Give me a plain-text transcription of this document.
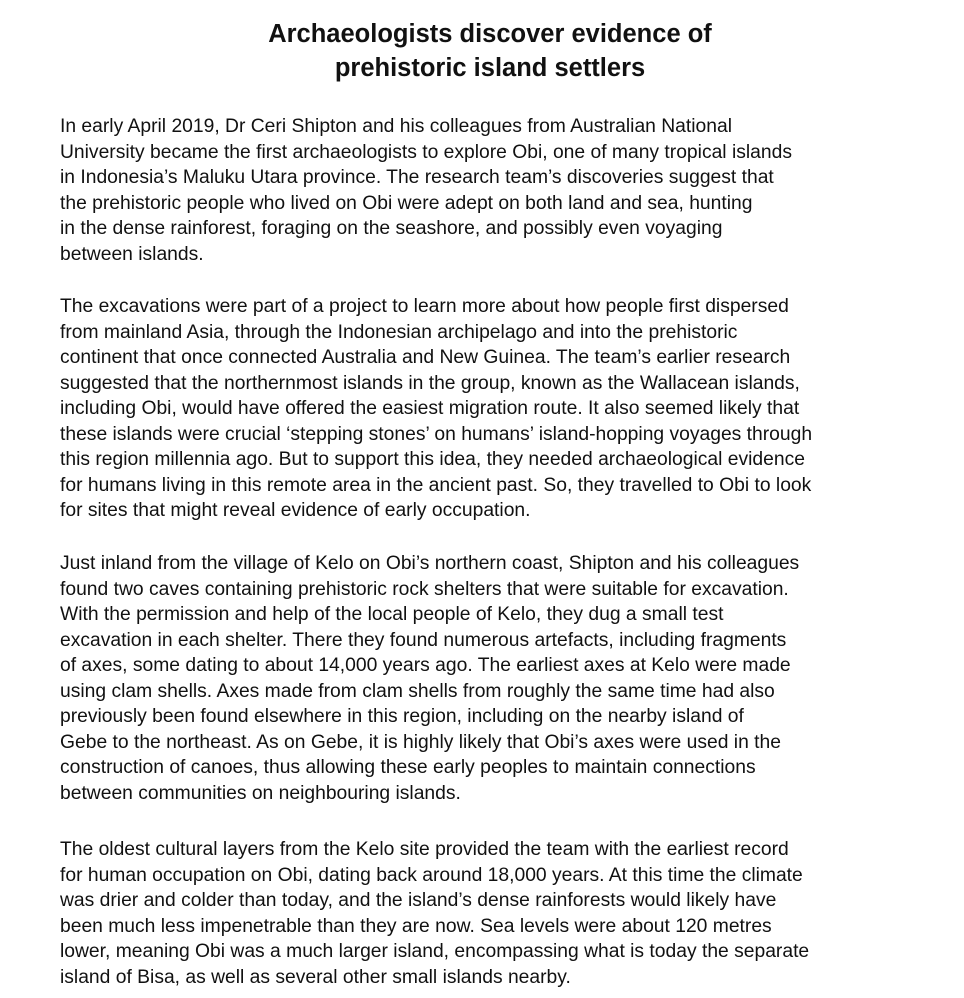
Archaeologists discover evidence of
prehistoric island settlers

In early April 2019, Dr Ceri Shipton and his colleagues from Australian National
University became the first archaeologists to explore Obi, one of many tropical islands
in Indonesia’s Maluku Utara province. The research team’s discoveries suggest that
the prehistoric people who lived on Obi were adept on both land and sea, hunting
in the dense rainforest, foraging on the seashore, and possibly even voyaging
between islands.

The excavations were part of a project to learn more about how people first dispersed
from mainland Asia, through the Indonesian archipelago and into the prehistoric
continent that once connected Australia and New Guinea. The team’s earlier research
suggested that the northernmost islands in the group, known as the Wallacean islands,
including Obi, would have offered the easiest migration route. It also seemed likely that
these islands were crucial ‘stepping stones’ on humans’ island-hopping voyages through
this region millennia ago. But to support this idea, they needed archaeological evidence
for humans living in this remote area in the ancient past. So, they travelled to Obi to look
for sites that might reveal evidence of early occupation.

Just inland from the village of Kelo on Obi’s northern coast, Shipton and his colleagues
found two caves containing prehistoric rock shelters that were suitable for excavation.
With the permission and help of the local people of Kelo, they dug a small test
excavation in each shelter. There they found numerous artefacts, including fragments
of axes, some dating to about 14,000 years ago. The earliest axes at Kelo were made
using clam shells. Axes made from clam shells from roughly the same time had also
previously been found elsewhere in this region, including on the nearby island of
Gebe to the northeast. As on Gebe, it is highly likely that Obi’s axes were used in the
construction of canoes, thus allowing these early peoples to maintain connections
between communities on neighbouring islands.

The oldest cultural layers from the Kelo site provided the team with the earliest record
for human occupation on Obi, dating back around 18,000 years. At this time the climate
was drier and colder than today, and the island’s dense rainforests would likely have
been much less impenetrable than they are now. Sea levels were about 120 metres
lower, meaning Obi was a much larger island, encompassing what is today the separate
island of Bisa, as well as several other small islands nearby.
